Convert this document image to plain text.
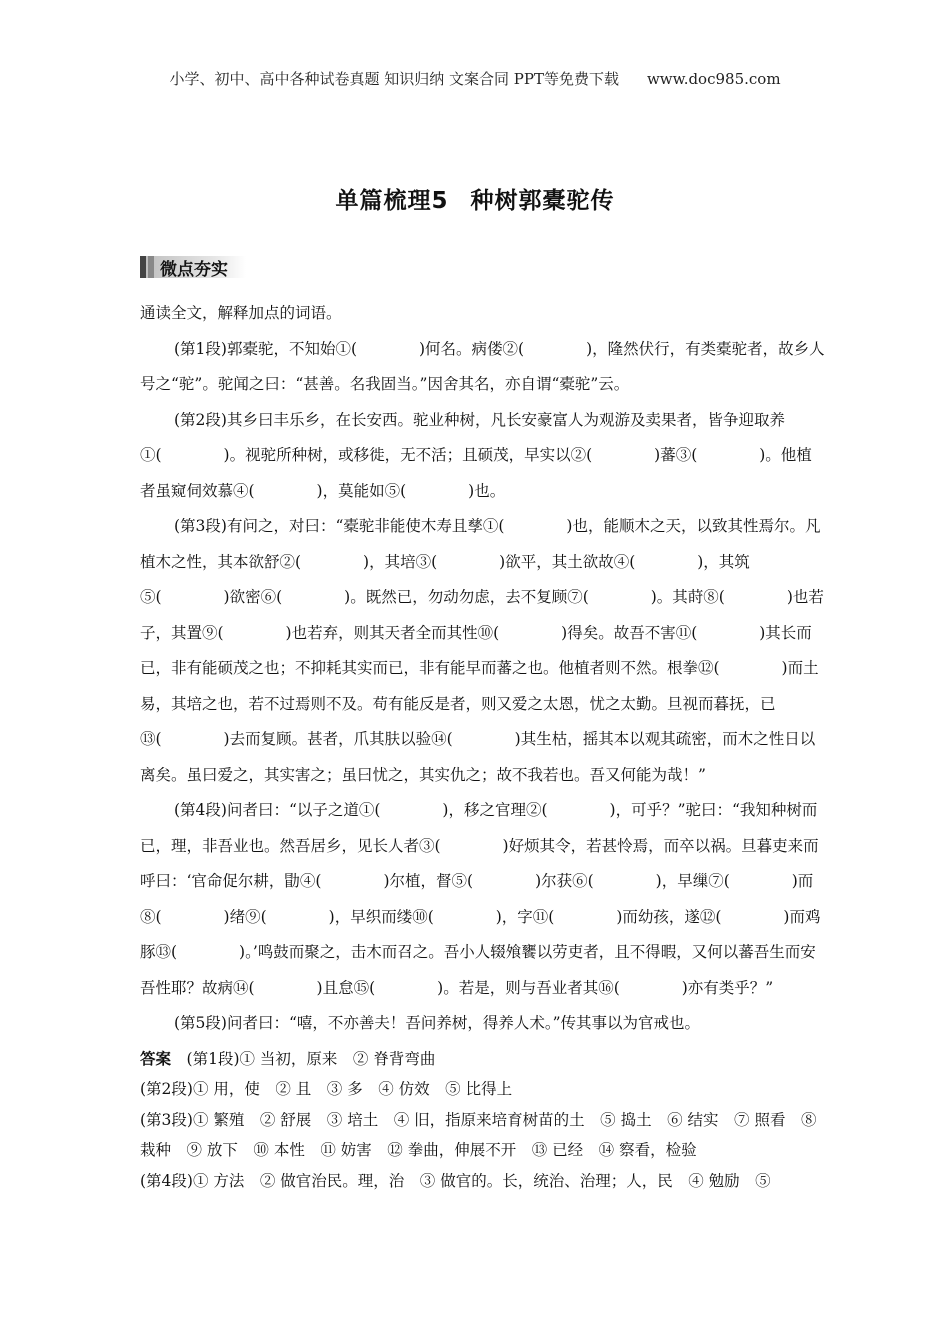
小学、初中、高中各种试卷真题 知识归纳 文案合同 PPT等免费下载 www.doc985.com
单篇梳理5 种树郭橐驼传
微点夯实

通读全文，解释加点的词语。

(第1段)郭橐驼，不知始①(　　　　)何名。病偻②(　　　　)，隆然伏行，有类橐驼者，故乡人号之“驼”。驼闻之曰：“甚善。名我固当。”因舍其名，亦自谓“橐驼”云。

(第2段)其乡曰丰乐乡，在长安西。驼业种树，凡长安豪富人为观游及卖果者，皆争迎取养①(　　　　)。视驼所种树，或移徙，无不活；且硕茂，早实以②(　　　　)蕃③(　　　　)。他植者虽窥伺效慕④(　　　　)，莫能如⑤(　　　　)也。

(第3段)有问之，对曰：“橐驼非能使木寿且孳①(　　　　)也，能顺木之天，以致其性焉尔。凡植木之性，其本欲舒②(　　　　)，其培③(　　　　)欲平，其土欲故④(　　　　)，其筑⑤(　　　　)欲密⑥(　　　　)。既然已，勿动勿虑，去不复顾⑦(　　　　)。其莳⑧(　　　　)也若子，其置⑨(　　　　)也若弃，则其天者全而其性⑩(　　　　)得矣。故吾不害⑪(　　　　)其长而已，非有能硕茂之也；不抑耗其实而已，非有能早而蕃之也。他植者则不然。根拳⑫(　　　　)而土易，其培之也，若不过焉则不及。苟有能反是者，则又爱之太恩，忧之太勤。旦视而暮抚，已⑬(　　　　)去而复顾。甚者，爪其肤以验⑭(　　　　)其生枯，摇其本以观其疏密，而木之性日以离矣。虽曰爱之，其实害之；虽曰忧之，其实仇之；故不我若也。吾又何能为哉！”

(第4段)问者曰：“以子之道①(　　　　)，移之官理②(　　　　)，可乎？”驼曰：“我知种树而已，理，非吾业也。然吾居乡，见长人者③(　　　　)好烦其令，若甚怜焉，而卒以祸。旦暮吏来而呼曰：‘官命促尔耕，勖④(　　　　)尔植，督⑤(　　　　)尔获⑥(　　　　)，早缫⑦(　　　　)而⑧(　　　　)绪⑨(　　　　)，早织而缕⑩(　　　　)，字⑪(　　　　)而幼孩，遂⑫(　　　　)而鸡豚⑬(　　　　)。’鸣鼓而聚之，击木而召之。吾小人辍飧饔以劳吏者，且不得暇，又何以蕃吾生而安吾性耶？故病⑭(　　　　)且怠⑮(　　　　)。若是，则与吾业者其⑯(　　　　)亦有类乎？”

(第5段)问者曰：“嘻，不亦善夫！吾问养树，得养人术。”传其事以为官戒也。

答案　 (第1段)① 当初，原来　② 脊背弯曲

(第2段)① 用，使　② 且　③ 多　④ 仿效　⑤ 比得上

(第3段)① 繁殖　② 舒展　③ 培土　④ 旧，指原来培育树苗的土　⑤ 捣土　⑥ 结实　⑦ 照看　⑧ 栽种　⑨ 放下　⑩ 本性　⑪ 妨害　⑫ 拳曲，伸展不开　⑬ 已经　⑭ 察看，检验

(第4段)① 方法　② 做官治民。理，治　③ 做官的。长，统治、治理；人，民　④ 勉励　⑤
